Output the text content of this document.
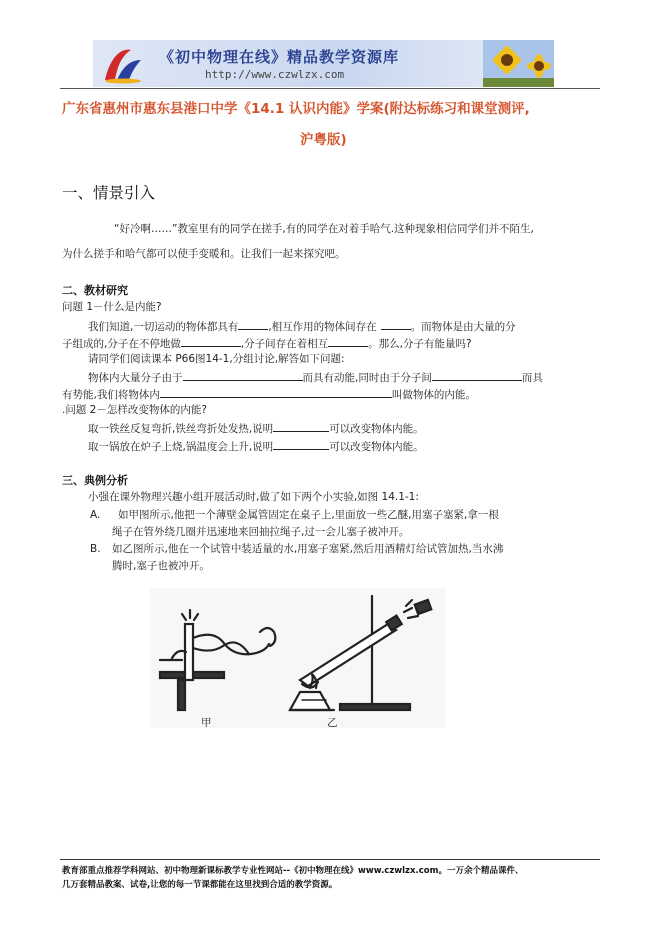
《初中物理在线》精品教学资源库
http://www.czwlzx.com
广东省惠州市惠东县港口中学《14.1 认识内能》学案(附达标练习和课堂测评,
沪粤版)
一、情景引入
“好冷啊……”教室里有的同学在搓手,有的同学在对着手哈气.这种现象相信同学们并不陌生,
为什么搓手和哈气都可以使手变暖和。让我们一起来探究吧。
二、教材研究
问题 1－什么是内能?
我们知道,一切运动的物体都具有	,相互作用的物体间存在	。而物体是由大量的分
子组成的,分子在不停地做	,分子间存在着相互	。那么,分子有能量吗?
请同学们阅读课本 P66图14-1,分组讨论,解答如下问题:
物体内大量分子由于	而具有动能,同时由于分子间	而具
有势能,我们将物体内	叫做物体的内能。
.问题 2－怎样改变物体的内能?
取一铁丝反复弯折,铁丝弯折处发热,说明	可以改变物体内能。
取一锅放在炉子上烧,锅温度会上升,说明	可以改变物体内能。
三、典例分析
小强在课外物理兴趣小组开展活动时,做了如下两个小实验,如图 14.1-1:
A. 如甲图所示,他把一个薄壁金属管固定在桌子上,里面放一些乙醚,用塞子塞紧,拿一根
绳子在管外绕几圈并迅速地来回抽拉绳子,过一会儿塞子被冲开。
B. 如乙图所示,他在一个试管中装适量的水,用塞子塞紧,然后用酒精灯给试管加热,当水沸
腾时,塞子也被冲开。
甲	乙
教育部重点推荐学科网站、初中物理新课标教学专业性网站--《初中物理在线》www.czwlzx.com。一万余个精品课件、
几万套精品教案、试卷,让您的每一节课都能在这里找到合适的教学资源。
